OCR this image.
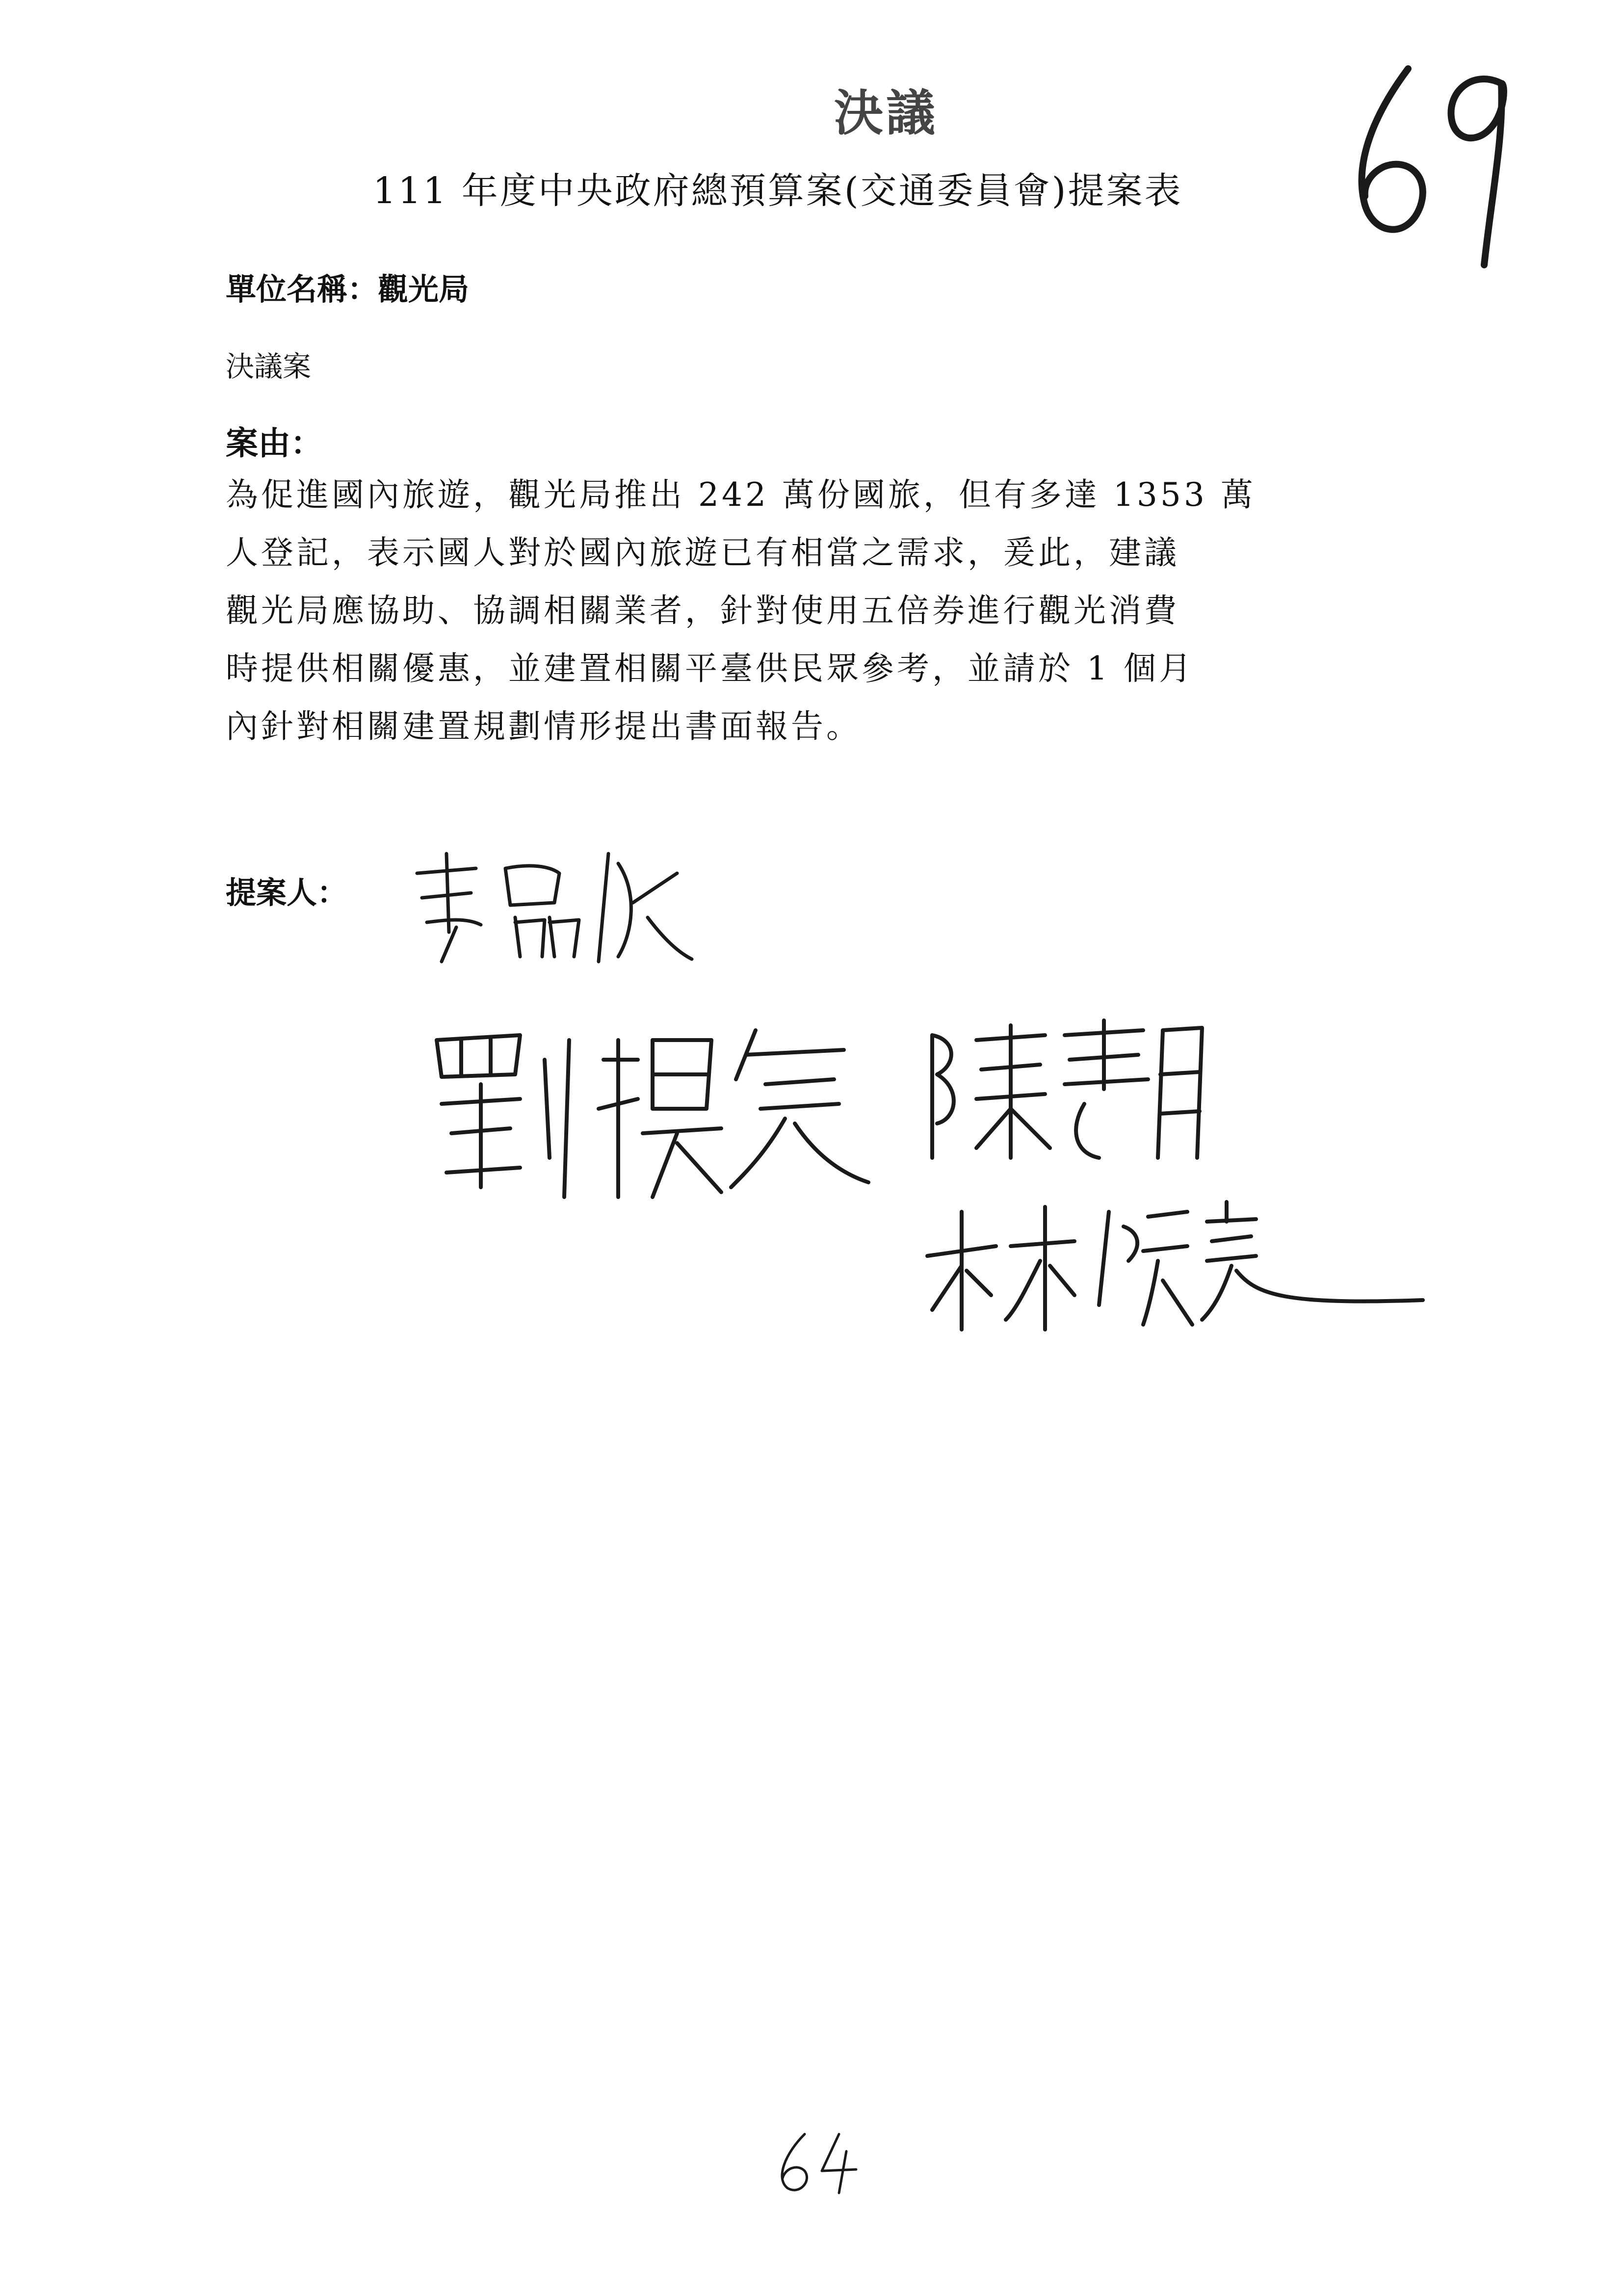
決議
111 年度中央政府總預算案(交通委員會)提案表
單位名稱：觀光局
決議案
案由：
為促進國內旅遊，觀光局推出 242 萬份國旅，但有多達 1353 萬
人登記，表示國人對於國內旅遊已有相當之需求，爰此，建議
觀光局應協助、協調相關業者，針對使用五倍券進行觀光消費
時提供相關優惠，並建置相關平臺供民眾參考，並請於 1 個月
內針對相關建置規劃情形提出書面報告。
提案人：
